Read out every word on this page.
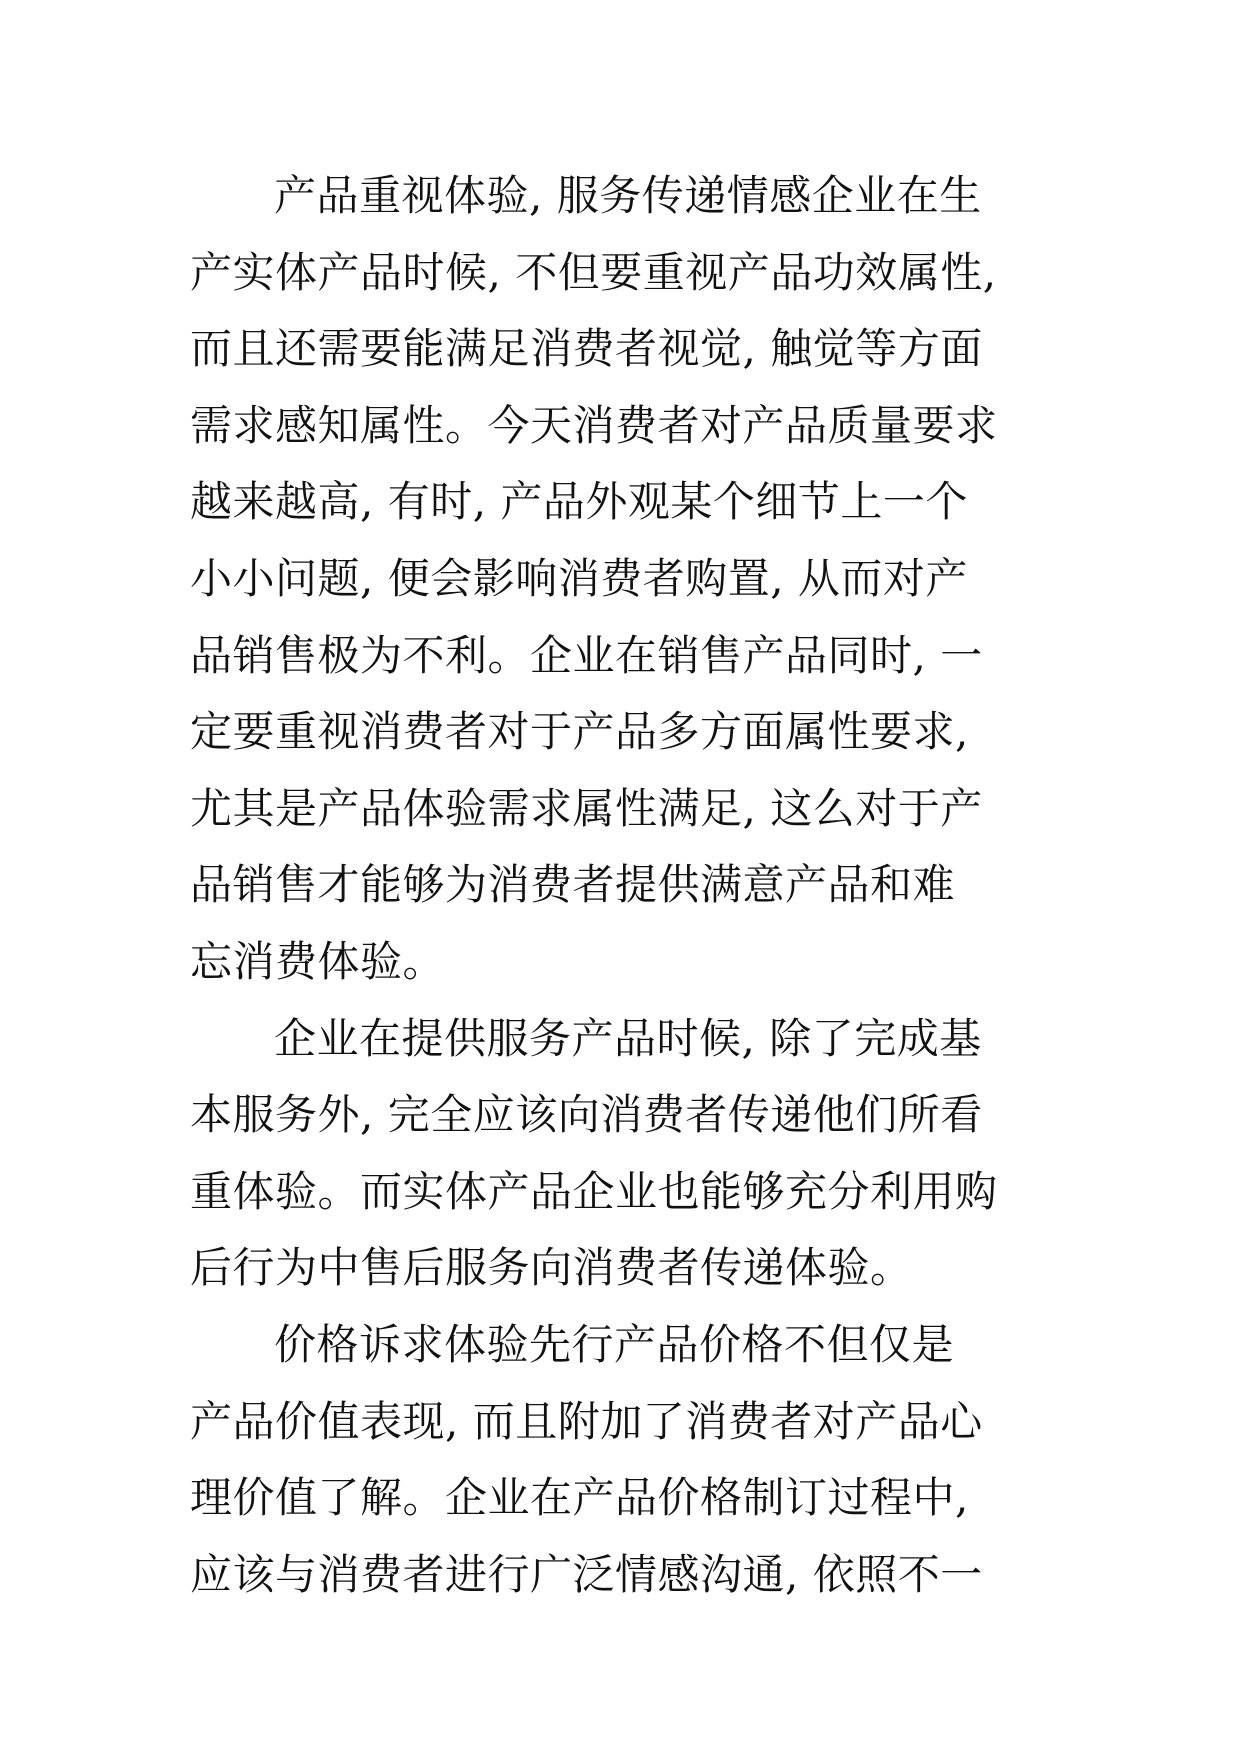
产品重视体验, 服务传递情感企业在生
产实体产品时候, 不但要重视产品功效属性,
而且还需要能满足消费者视觉, 触觉等方面
需求感知属性。今天消费者对产品质量要求
越来越高, 有时, 产品外观某个细节上一个
小小问题, 便会影响消费者购置, 从而对产
品销售极为不利。企业在销售产品同时, 一
定要重视消费者对于产品多方面属性要求,
尤其是产品体验需求属性满足, 这么对于产
品销售才能够为消费者提供满意产品和难
忘消费体验。
企业在提供服务产品时候, 除了完成基
本服务外, 完全应该向消费者传递他们所看
重体验。而实体产品企业也能够充分利用购
后行为中售后服务向消费者传递体验。
价格诉求体验先行产品价格不但仅是
产品价值表现, 而且附加了消费者对产品心
理价值了解。企业在产品价格制订过程中,
应该与消费者进行广泛情感沟通, 依照不一
